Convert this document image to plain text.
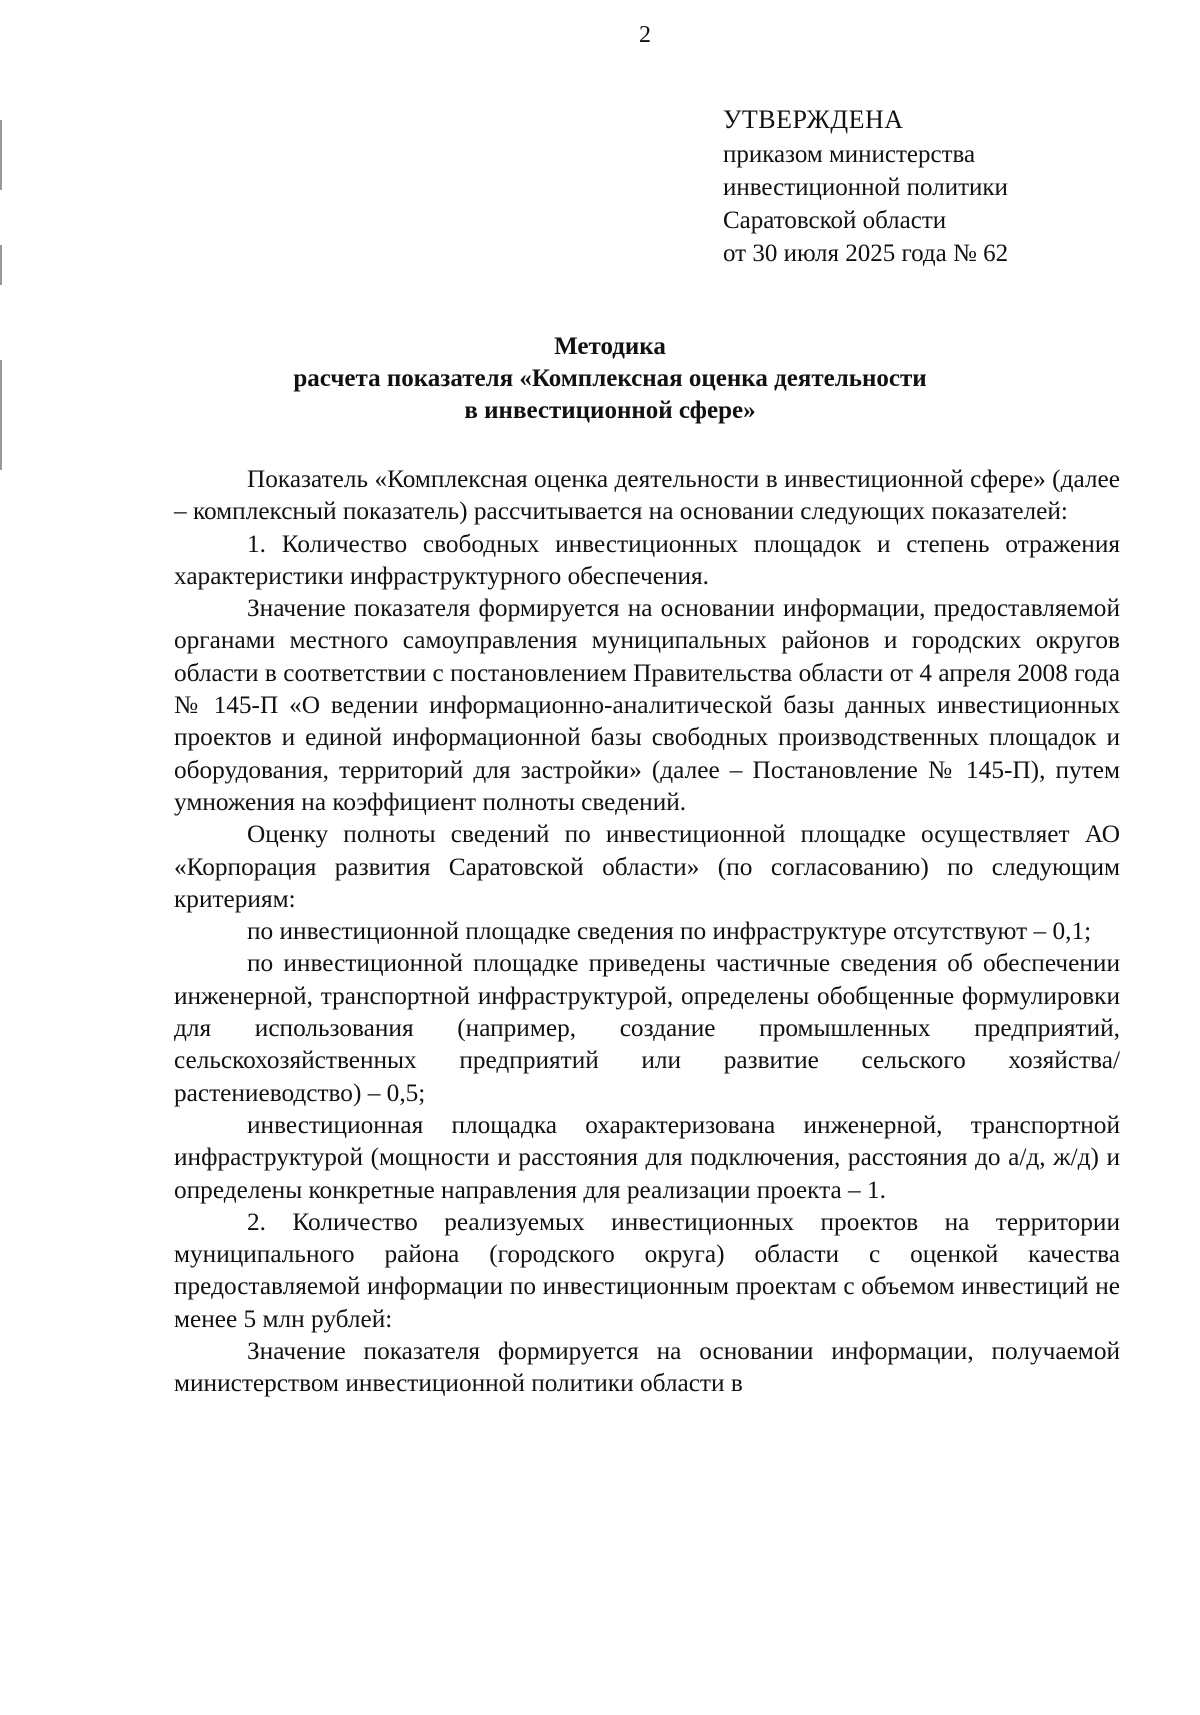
2
УТВЕРЖДЕНА
приказом министерства
инвестиционной политики
Саратовской области
от 30 июля 2025 года № 62
Методика
расчета показателя «Комплексная оценка деятельности
в инвестиционной сфере»

Показатель «Комплексная оценка деятельности в инвестиционной сфере» (далее – комплексный показатель) рассчитывается на основании следующих показателей:

1. Количество свободных инвестиционных площадок и степень отражения характеристики инфраструктурного обеспечения.

Значение показателя формируется на основании информации, предоставляемой органами местного самоуправления муниципальных районов и городских округов области в соответствии с постановлением Правительства области от 4 апреля 2008 года № 145-П «О ведении информационно-аналитической базы данных инвестиционных проектов и единой информационной базы свободных производственных площадок и оборудования, территорий для застройки» (далее – Постановление № 145-П), путем умножения на коэффициент полноты сведений.

Оценку полноты сведений по инвестиционной площадке осуществляет АО «Корпорация развития Саратовской области» (по согласованию) по следующим критериям:

по инвестиционной площадке сведения по инфраструктуре отсутствуют – 0,1;

по инвестиционной площадке приведены частичные сведения об обеспечении инженерной, транспортной инфраструктурой, определены обобщенные формулировки для использования (например, создание промышленных предприятий, сельскохозяйственных предприятий или развитие сельского хозяйства/растениеводство) – 0,5;

инвестиционная площадка охарактеризована инженерной, транспортной инфраструктурой (мощности и расстояния для подключения, расстояния до а/д, ж/д) и определены конкретные направления для реализации проекта – 1.

2. Количество реализуемых инвестиционных проектов на территории муниципального района (городского округа) области с оценкой качества предоставляемой информации по инвестиционным проектам с объемом инвестиций не менее 5 млн рублей:

Значение показателя формируется на основании информации, получаемой министерством инвестиционной политики области в
